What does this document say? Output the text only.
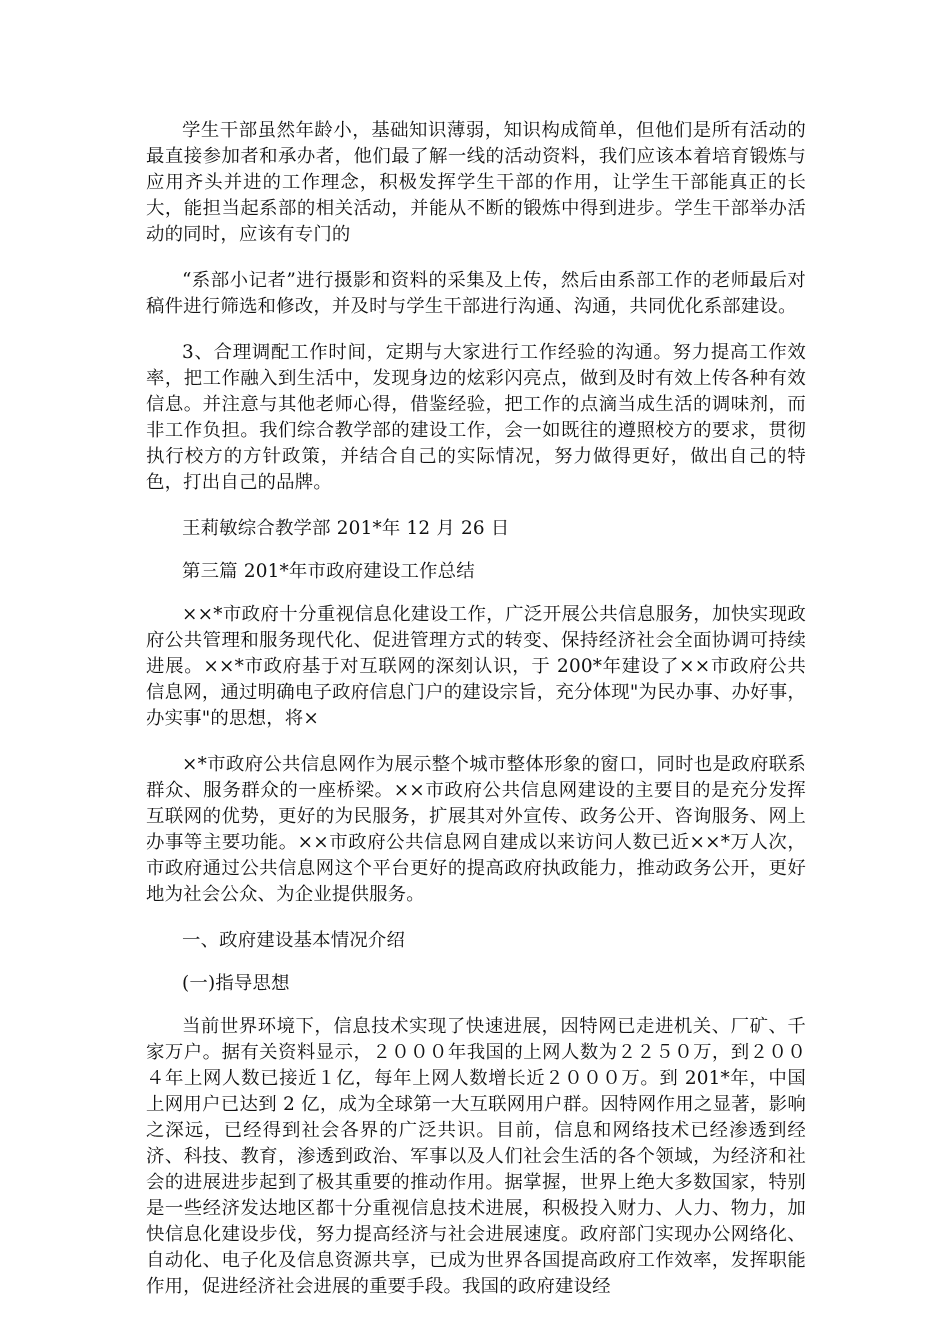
学生干部虽然年龄小，基础知识薄弱，知识构成简单，但他们是所有活动的最直接参加者和承办者，他们最了解一线的活动资料，我们应该本着培育锻炼与应用齐头并进的工作理念，积极发挥学生干部的作用，让学生干部能真正的长大，能担当起系部的相关活动，并能从不断的锻炼中得到进步。学生干部举办活动的同时，应该有专门的

“系部小记者”进行摄影和资料的采集及上传，然后由系部工作的老师最后对稿件进行筛选和修改，并及时与学生干部进行沟通、沟通，共同优化系部建设。

3、合理调配工作时间，定期与大家进行工作经验的沟通。努力提高工作效率，把工作融入到生活中，发现身边的炫彩闪亮点，做到及时有效上传各种有效信息。并注意与其他老师心得，借鉴经验，把工作的点滴当成生活的调味剂，而非工作负担。我们综合教学部的建设工作，会一如既往的遵照校方的要求，贯彻执行校方的方针政策，并结合自己的实际情况，努力做得更好，做出自己的特色，打出自己的品牌。

王莉敏综合教学部 201*年 12 月 26 日

第三篇 201*年市政府建设工作总结

××*市政府十分重视信息化建设工作，广泛开展公共信息服务，加快实现政府公共管理和服务现代化、促进管理方式的转变、保持经济社会全面协调可持续进展。××*市政府基于对互联网的深刻认识，于 200*年建设了××市政府公共信息网，通过明确电子政府信息门户的建设宗旨，充分体现"为民办事、办好事，办实事"的思想，将×

×*市政府公共信息网作为展示整个城市整体形象的窗口，同时也是政府联系群众、服务群众的一座桥梁。××市政府公共信息网建设的主要目的是充分发挥互联网的优势，更好的为民服务，扩展其对外宣传、政务公开、咨询服务、网上办事等主要功能。××市政府公共信息网自建成以来访问人数已近××*万人次，市政府通过公共信息网这个平台更好的提高政府执政能力，推动政务公开，更好地为社会公众、为企业提供服务。

一、政府建设基本情况介绍

(一)指导思想

当前世界环境下，信息技术实现了快速进展，因特网已走进机关、厂矿、千家万户。据有关资料显示，２０００年我国的上网人数为２２５０万，到２００４年上网人数已接近１亿，每年上网人数增长近２０００万。到 201*年，中国上网用户已达到 2 亿，成为全球第一大互联网用户群。因特网作用之显著，影响之深远，已经得到社会各界的广泛共识。目前，信息和网络技术已经渗透到经济、科技、教育，渗透到政治、军事以及人们社会生活的各个领域，为经济和社会的进展进步起到了极其重要的推动作用。据掌握，世界上绝大多数国家，特别是一些经济发达地区都十分重视信息技术进展，积极投入财力、人力、物力，加快信息化建设步伐，努力提高经济与社会进展速度。政府部门实现办公网络化、自动化、电子化及信息资源共享，已成为世界各国提高政府工作效率，发挥职能作用，促进经济社会进展的重要手段。我国的政府建设经
